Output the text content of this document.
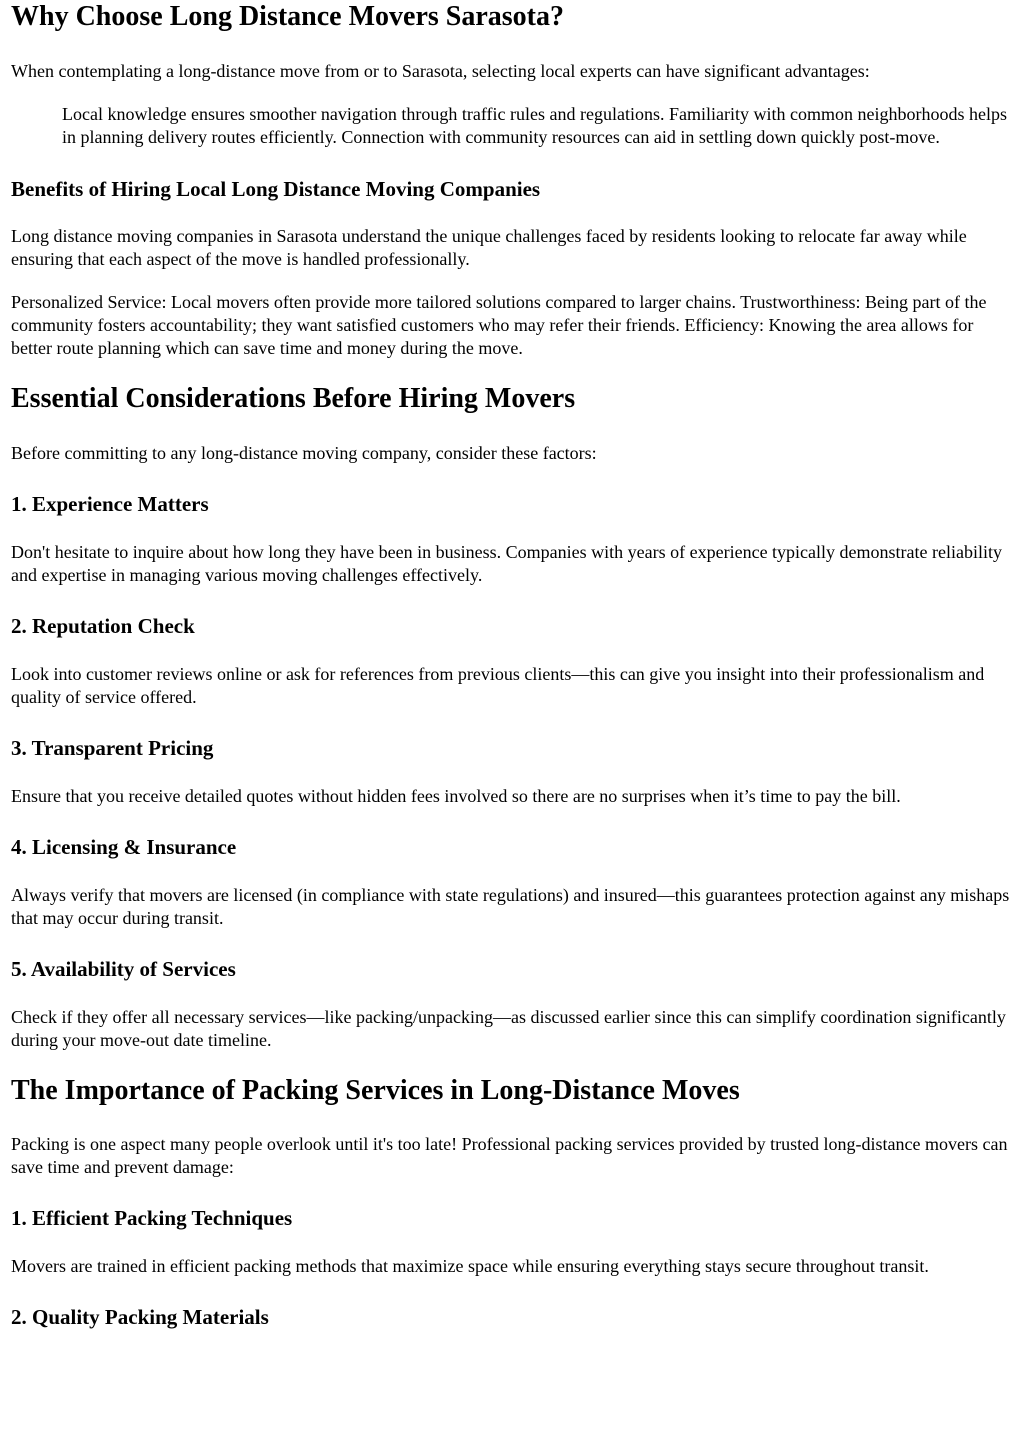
Why Choose Long Distance Movers Sarasota?

When contemplating a long-distance move from or to Sarasota, selecting local experts can have significant advantages:

Local knowledge ensures smoother navigation through traffic rules and regulations. Familiarity with common neighborhoods helps in planning delivery routes efficiently. Connection with community resources can aid in settling down quickly post-move.
Benefits of Hiring Local Long Distance Moving Companies

Long distance moving companies in Sarasota understand the unique challenges faced by residents looking to relocate far away while ensuring that each aspect of the move is handled professionally.

Personalized Service: Local movers often provide more tailored solutions compared to larger chains. Trustworthiness: Being part of the community fosters accountability; they want satisfied customers who may refer their friends. Efficiency: Knowing the area allows for better route planning which can save time and money during the move.

Essential Considerations Before Hiring Movers

Before committing to any long-distance moving company, consider these factors:

1. Experience Matters

Don't hesitate to inquire about how long they have been in business. Companies with years of experience typically demonstrate reliability and expertise in managing various moving challenges effectively.

2. Reputation Check

Look into customer reviews online or ask for references from previous clients—this can give you insight into their professionalism and quality of service offered.

3. Transparent Pricing

Ensure that you receive detailed quotes without hidden fees involved so there are no surprises when it’s time to pay the bill.

4. Licensing & Insurance

Always verify that movers are licensed (in compliance with state regulations) and insured—this guarantees protection against any mishaps that may occur during transit.

5. Availability of Services

Check if they offer all necessary services—like packing/unpacking—as discussed earlier since this can simplify coordination significantly during your move-out date timeline.

The Importance of Packing Services in Long-Distance Moves

Packing is one aspect many people overlook until it's too late! Professional packing services provided by trusted long-distance movers can save time and prevent damage:

1. Efficient Packing Techniques

Movers are trained in efficient packing methods that maximize space while ensuring everything stays secure throughout transit.

2. Quality Packing Materials
